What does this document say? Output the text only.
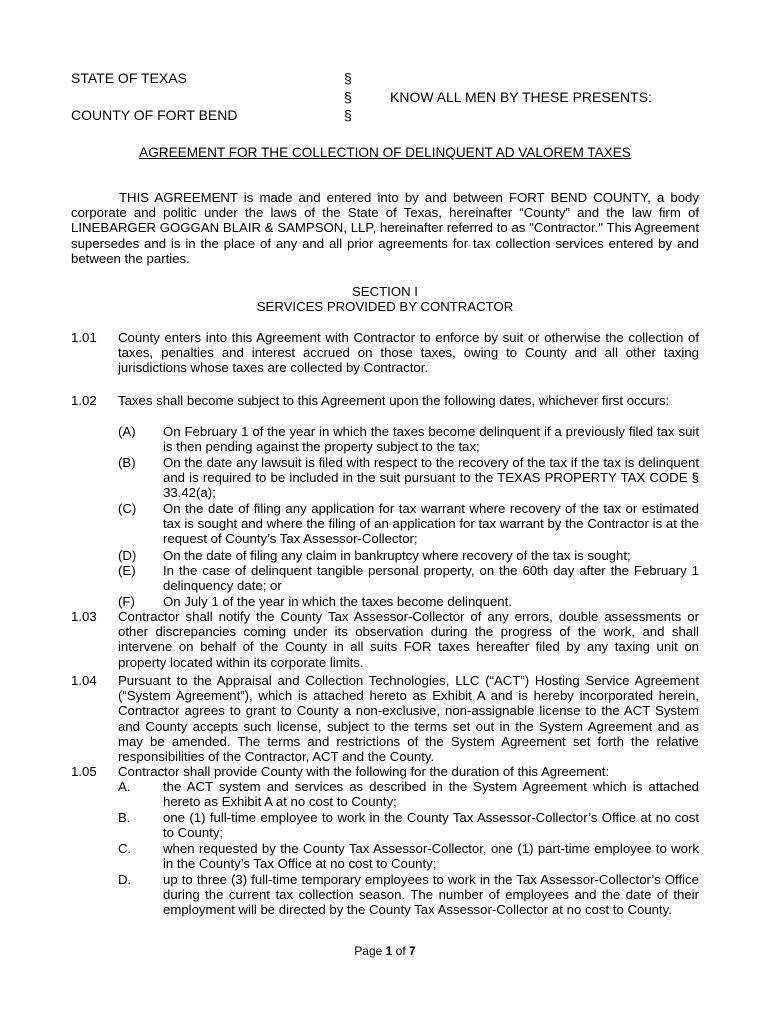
STATE OF TEXAS
COUNTY OF FORT BEND
§
§
§
KNOW ALL MEN BY THESE PRESENTS:
AGREEMENT FOR THE COLLECTION OF DELINQUENT AD VALOREM TAXES
THIS AGREEMENT is made and entered into by and between FORT BEND COUNTY, a body corporate and politic under the laws of the State of Texas, hereinafter “County” and the law firm of LINEBARGER GOGGAN BLAIR & SAMPSON, LLP, hereinafter referred to as "Contractor." This Agreement supersedes and is in the place of any and all prior agreements for tax collection services entered by and between the parties.
SECTION I
SERVICES PROVIDED BY CONTRACTOR
1.01 County enters into this Agreement with Contractor to enforce by suit or otherwise the collection of taxes, penalties and interest accrued on those taxes, owing to County and all other taxing jurisdictions whose taxes are collected by Contractor.
1.02 Taxes shall become subject to this Agreement upon the following dates, whichever first occurs:
(A) On February 1 of the year in which the taxes become delinquent if a previously filed tax suit is then pending against the property subject to the tax;
(B) On the date any lawsuit is filed with respect to the recovery of the tax if the tax is delinquent and is required to be included in the suit pursuant to the TEXAS PROPERTY TAX CODE § 33.42(a);
(C) On the date of filing any application for tax warrant where recovery of the tax or estimated tax is sought and where the filing of an application for tax warrant by the Contractor is at the request of County’s Tax Assessor-Collector;
(D) On the date of filing any claim in bankruptcy where recovery of the tax is sought;
(E) In the case of delinquent tangible personal property, on the 60th day after the February 1 delinquency date; or
(F) On July 1 of the year in which the taxes become delinquent.
1.03 Contractor shall notify the County Tax Assessor-Collector of any errors, double assessments or other discrepancies coming under its observation during the progress of the work, and shall intervene on behalf of the County in all suits FOR taxes hereafter filed by any taxing unit on property located within its corporate limits.
1.04 Pursuant to the Appraisal and Collection Technologies, LLC (“ACT”) Hosting Service Agreement (“System Agreement”), which is attached hereto as Exhibit A and is hereby incorporated herein, Contractor agrees to grant to County a non-exclusive, non-assignable license to the ACT System and County accepts such license, subject to the terms set out in the System Agreement and as may be amended. The terms and restrictions of the System Agreement set forth the relative responsibilities of the Contractor, ACT and the County.
1.05 Contractor shall provide County with the following for the duration of this Agreement:
A. the ACT system and services as described in the System Agreement which is attached hereto as Exhibit A at no cost to County;
B. one (1) full-time employee to work in the County Tax Assessor-Collector’s Office at no cost to County;
C. when requested by the County Tax Assessor-Collector, one (1) part-time employee to work in the County’s Tax Office at no cost to County;
D. up to three (3) full-time temporary employees to work in the Tax Assessor-Collector’s Office during the current tax collection season. The number of employees and the date of their employment will be directed by the County Tax Assessor-Collector at no cost to County.
Page 1 of 7
